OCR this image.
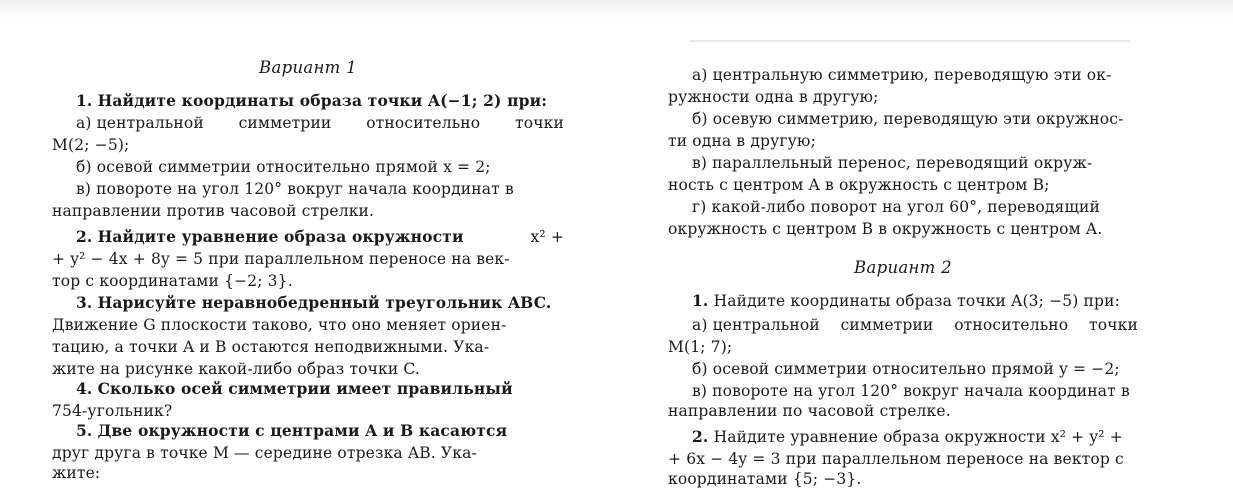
Вариант 1
1. Найдите координаты образа точки A(−1; 2) при:
а) центральной симметрии относительно точки
M(2; −5);
б) осевой симметрии относительно прямой x = 2;
в) повороте на угол 120° вокруг начала координат в
направлении против часовой стрелки.
2. Найдите уравнение образа окружности	x² +
+ y² − 4x + 8y = 5 при параллельном переносе на век-
тор с координатами {−2; 3}.
3. Нарисуйте неравнобедренный треугольник ABC.
Движение G плоскости таково, что оно меняет ориен-
тацию, а точки A и B остаются неподвижными. Ука-
жите на рисунке какой-либо образ точки C.
4. Сколько осей симметрии имеет правильный
754-угольник?
5. Две окружности с центрами A и B касаются
друг друга в точке M — середине отрезка AB. Ука-
жите:
а) центральную симметрию, переводящую эти ок-
ружности одна в другую;
б) осевую симметрию, переводящую эти окружнос-
ти одна в другую;
в) параллельный перенос, переводящий окруж-
ность с центром A в окружность с центром B;
г) какой-либо поворот на угол 60°, переводящий
окружность с центром B в окружность с центром A.
Вариант 2
1. Найдите координаты образа точки A(3; −5) при:
а) центральной симметрии относительно точки
M(1; 7);
б) осевой симметрии относительно прямой y = −2;
в) повороте на угол 120° вокруг начала координат в
направлении по часовой стрелке.
2. Найдите уравнение образа окружности x² + y² +
+ 6x − 4y = 3 при параллельном переносе на вектор с
координатами {5; −3}.
